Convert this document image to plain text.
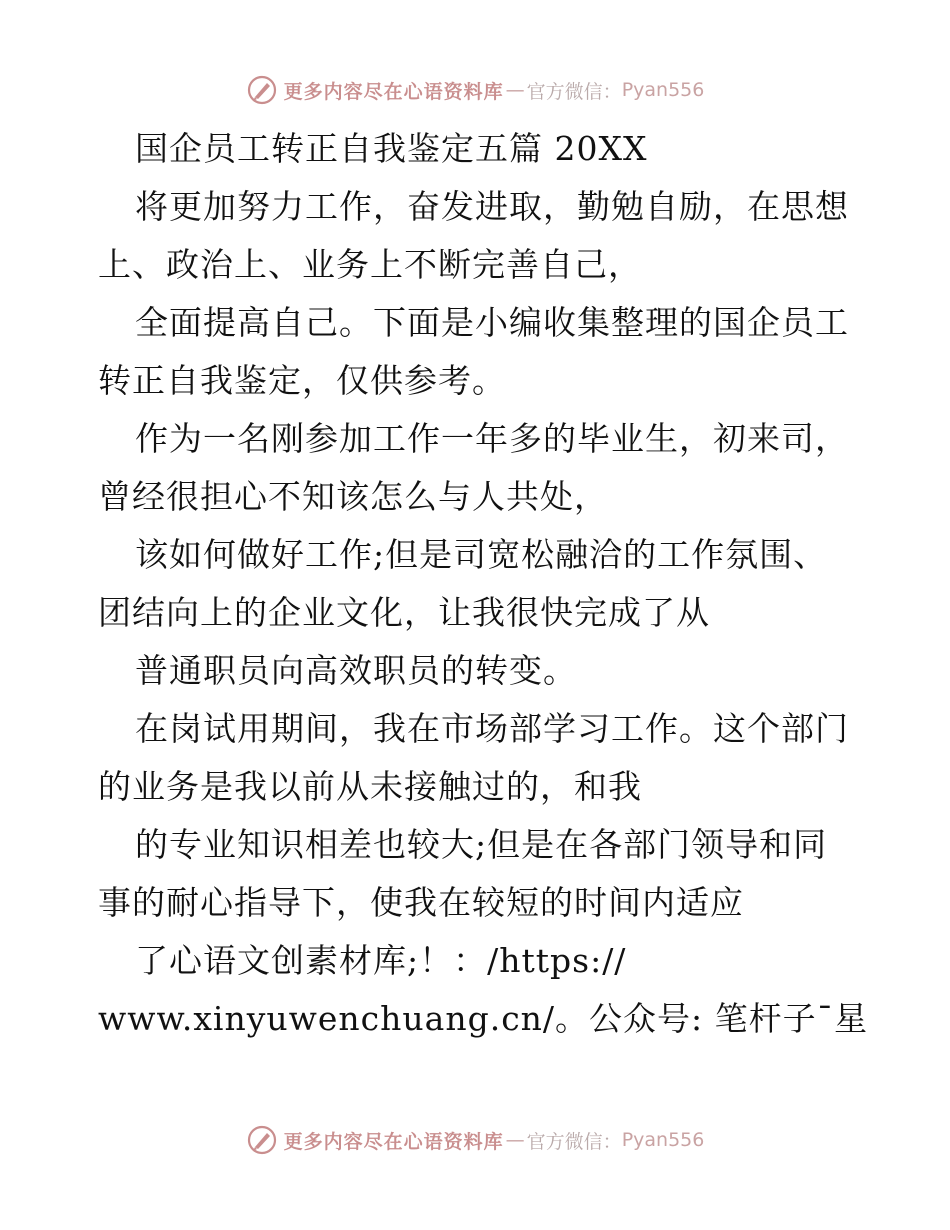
更多内容尽在心语资料库 — 官方微信： Pyan556
国企员工转正自我鉴定五篇 20XX
将更加努力工作，奋发进取，勤勉自励，在思想
上、政治上、业务上不断完善自己，
全面提高自己。下面是小编收集整理的国企员工
转正自我鉴定，仅供参考。
作为一名刚参加工作一年多的毕业生，初来司，
曾经很担心不知该怎么与人共处，
该如何做好工作;但是司宽松融洽的工作氛围、
团结向上的企业文化，让我很快完成了从
普通职员向高效职员的转变。
在岗试用期间，我在市场部学习工作。这个部门
的业务是我以前从未接触过的，和我
的专业知识相差也较大;但是在各部门领导和同
事的耐心指导下，使我在较短的时间内适应
了心语文创素材库;！：/https://
www.xinyuwenchuang.cn/。公众号: 笔杆子¯星
更多内容尽在心语资料库 — 官方微信： Pyan556
